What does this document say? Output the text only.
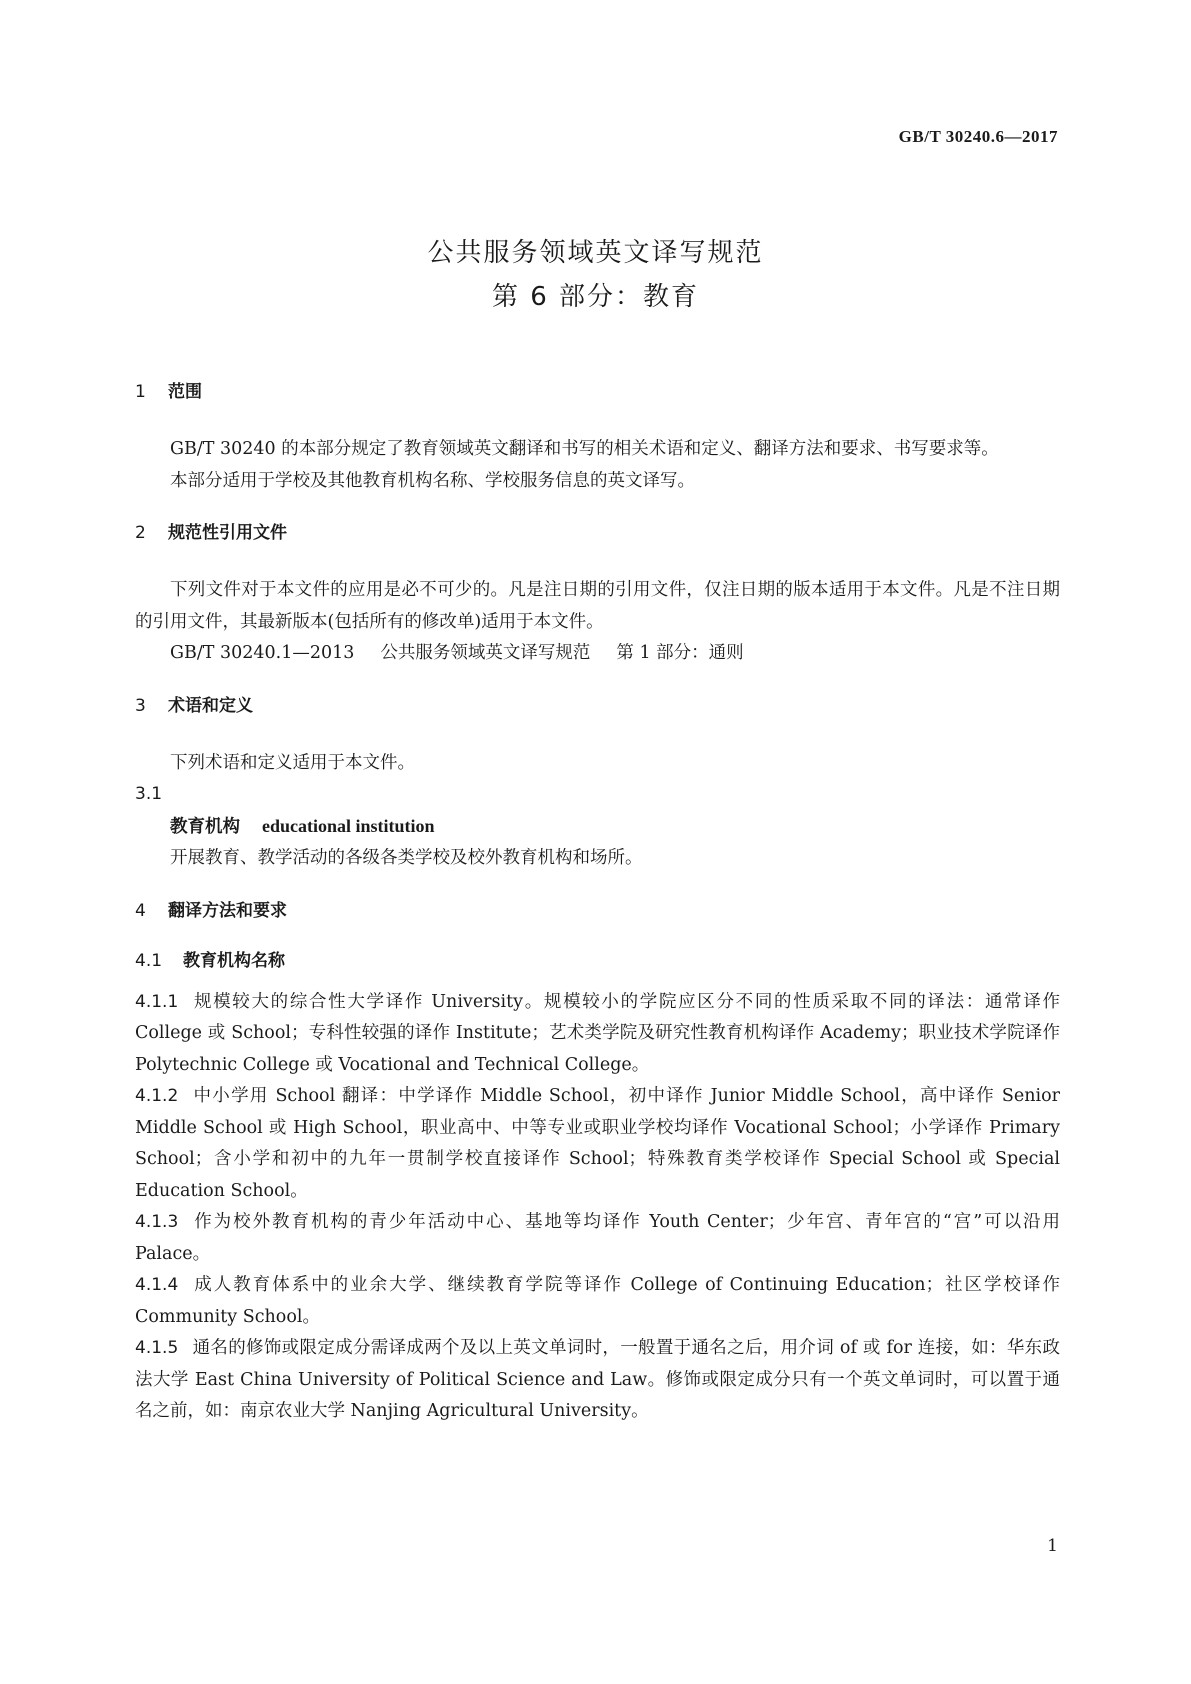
GB/T 30240.6—2017
公共服务领域英文译写规范
第 6 部分：教育
1 范围

GB/T 30240 的本部分规定了教育领域英文翻译和书写的相关术语和定义、翻译方法和要求、书写要求等。

本部分适用于学校及其他教育机构名称、学校服务信息的英文译写。

2 规范性引用文件

下列文件对于本文件的应用是必不可少的。凡是注日期的引用文件，仅注日期的版本适用于本文件。凡是不注日期的引用文件，其最新版本(包括所有的修改单)适用于本文件。

GB/T 30240.1—2013 公共服务领域英文译写规范 第 1 部分：通则

3 术语和定义

下列术语和定义适用于本文件。

3.1

教育机构 educational institution

开展教育、教学活动的各级各类学校及校外教育机构和场所。

4 翻译方法和要求
4.1 教育机构名称

4.1.1 规模较大的综合性大学译作 University。规模较小的学院应区分不同的性质采取不同的译法：通常译作 College 或 School；专科性较强的译作 Institute；艺术类学院及研究性教育机构译作 Academy；职业技术学院译作 Polytechnic College 或 Vocational and Technical College。

4.1.2 中小学用 School 翻译：中学译作 Middle School，初中译作 Junior Middle School，高中译作 Senior Middle School 或 High School，职业高中、中等专业或职业学校均译作 Vocational School；小学译作 Primary School；含小学和初中的九年一贯制学校直接译作 School；特殊教育类学校译作 Special School 或 Special Education School。

4.1.3 作为校外教育机构的青少年活动中心、基地等均译作 Youth Center；少年宫、青年宫的“宫”可以沿用 Palace。

4.1.4 成人教育体系中的业余大学、继续教育学院等译作 College of Continuing Education；社区学校译作 Community School。

4.1.5 通名的修饰或限定成分需译成两个及以上英文单词时，一般置于通名之后，用介词 of 或 for 连接，如：华东政法大学 East China University of Political Science and Law。修饰或限定成分只有一个英文单词时，可以置于通名之前，如：南京农业大学 Nanjing Agricultural University。

1
